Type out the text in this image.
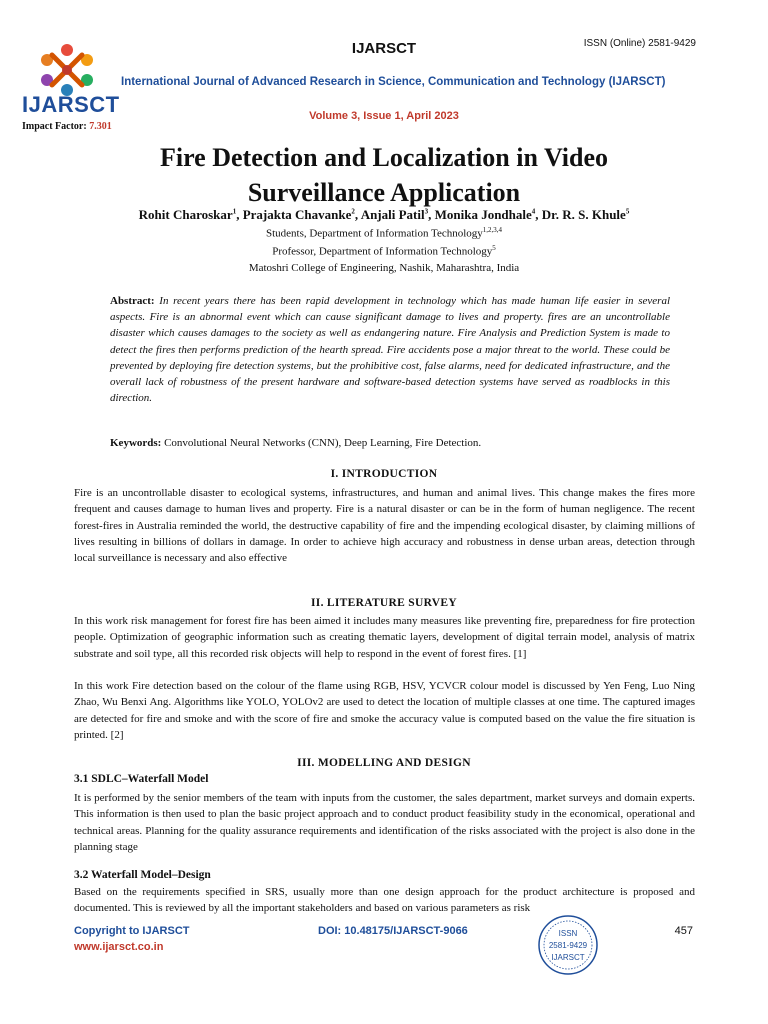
IJARSCT
Impact Factor: 7.301
IJARSCT	ISSN (Online) 2581-9429
International Journal of Advanced Research in Science, Communication and Technology (IJARSCT)
Volume 3, Issue 1, April 2023
Fire Detection and Localization in Video
Surveillance Application
Rohit Charoskar$^1$, Prajakta Chavanke$^2$, Anjali Patil$^3$, Monika Jondhale$^4$, Dr. R. S. Khule$^5$
Students, Department of Information Technology$^{1,2,3,4}$
Professor, Department of Information Technology$^5$
Matoshri College of Engineering, Nashik, Maharashtra, India
Abstract: In recent years there has been rapid development in technology which has made human life easier in several aspects. Fire is an abnormal event which can cause significant damage to lives and property. fires are an uncontrollable disaster which causes damages to the society as well as endangering nature. Fire Analysis and Prediction System is made to detect the fires then performs prediction of the hearth spread. Fire accidents pose a major threat to the world. These could be prevented by deploying fire detection systems, but the prohibitive cost, false alarms, need for dedicated infrastructure, and the overall lack of robustness of the present hardware and software-based detection systems have served as roadblocks in this direction.
Keywords: Convolutional Neural Networks (CNN), Deep Learning, Fire Detection.
I. INTRODUCTION
Fire is an uncontrollable disaster to ecological systems, infrastructures, and human and animal lives. This change makes the fires more frequent and causes damage to human lives and property. Fire is a natural disaster or can be in the form of human negligence. The recent forest-fires in Australia reminded the world, the destructive capability of fire and the impending ecological disaster, by claiming millions of lives resulting in billions of dollars in damage. In order to achieve high accuracy and robustness in dense urban areas, detection through local surveillance is necessary and also effective
II. LITERATURE SURVEY
In this work risk management for forest fire has been aimed it includes many measures like preventing fire, preparedness for fire protection people. Optimization of geographic information such as creating thematic layers, development of digital terrain model, analysis of matrix substrate and soil type, all this recorded risk objects will help to respond in the event of forest fires. [1]
In this work Fire detection based on the colour of the flame using RGB, HSV, YCVCR colour model is discussed by Yen Feng, Luo Ning Zhao, Wu Benxi Ang. Algorithms like YOLO, YOLOv2 are used to detect the location of multiple classes at one time. The captured images are detected for fire and smoke and with the score of fire and smoke the accuracy value is computed based on the value the fire situation is printed. [2]
III. MODELLING AND DESIGN
3.1 SDLC–Waterfall Model
It is performed by the senior members of the team with inputs from the customer, the sales department, market surveys and domain experts. This information is then used to plan the basic project approach and to conduct product feasibility study in the economical, operational and technical areas. Planning for the quality assurance requirements and identification of the risks associated with the project is also done in the planning stage
3.2 Waterfall Model–Design
Based on the requirements specified in SRS, usually more than one design approach for the product architecture is proposed and documented. This is reviewed by all the important stakeholders and based on various parameters as risk
Copyright to IJARSCT
www.ijarsct.co.in
DOI: 10.48175/IJARSCT-9066	ISSN
2581-9429
IJARSCT
457
